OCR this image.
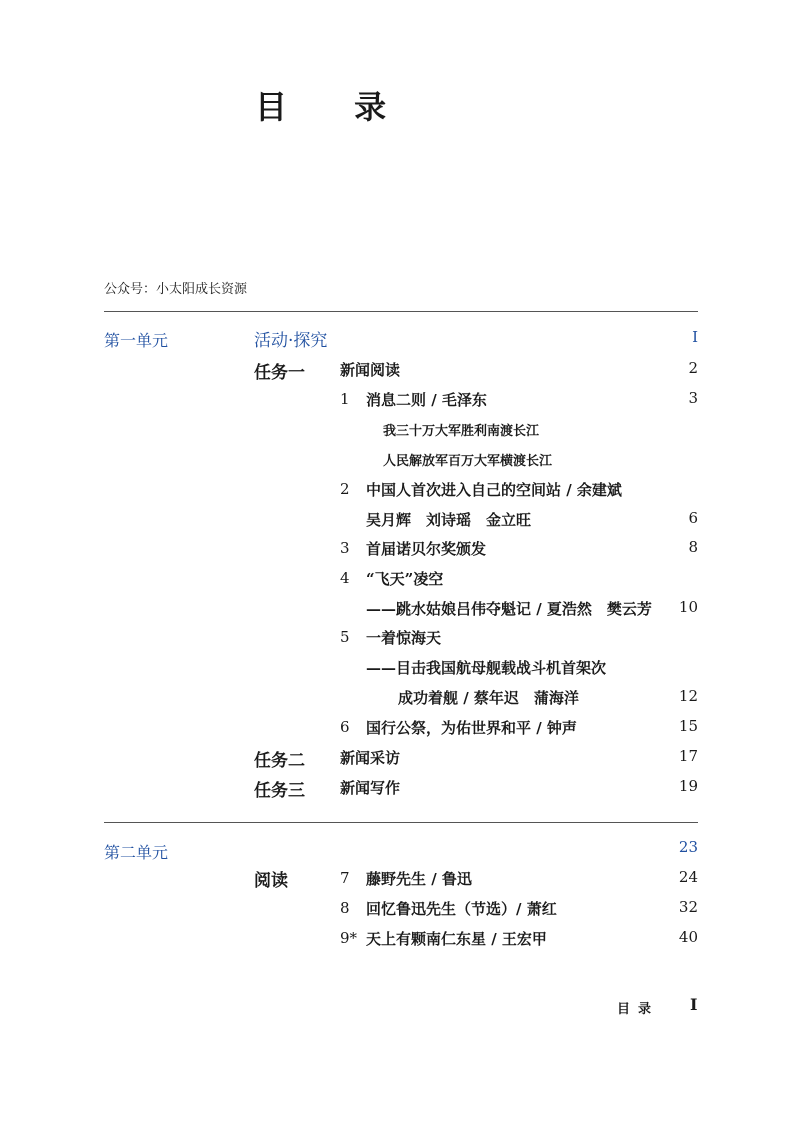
目 录
公众号：小太阳成长资源
第一单元	活动·探究	I
任务一 新闻阅读	2
1 消息二则 / 毛泽东	3
我三十万大军胜利南渡长江
人民解放军百万大军横渡长江
2 中国人首次进入自己的空间站 / 余建斌
吴月辉　刘诗瑶　金立旺	6
3 首届诺贝尔奖颁发	8
4 “飞天”凌空
——跳水姑娘吕伟夺魁记 / 夏浩然　樊云芳 10
5 一着惊海天
——目击我国航母舰载战斗机首架次
成功着舰 / 蔡年迟　蒲海洋	12
6 国行公祭，为佑世界和平 / 钟声	15
任务二 新闻采访	17
任务三 新闻写作	19
第二单元	23
阅读	7 藤野先生 / 鲁迅	24
8 回忆鲁迅先生（节选）/ 萧红	32
9* 天上有颗南仁东星 / 王宏甲	40
目录 I
